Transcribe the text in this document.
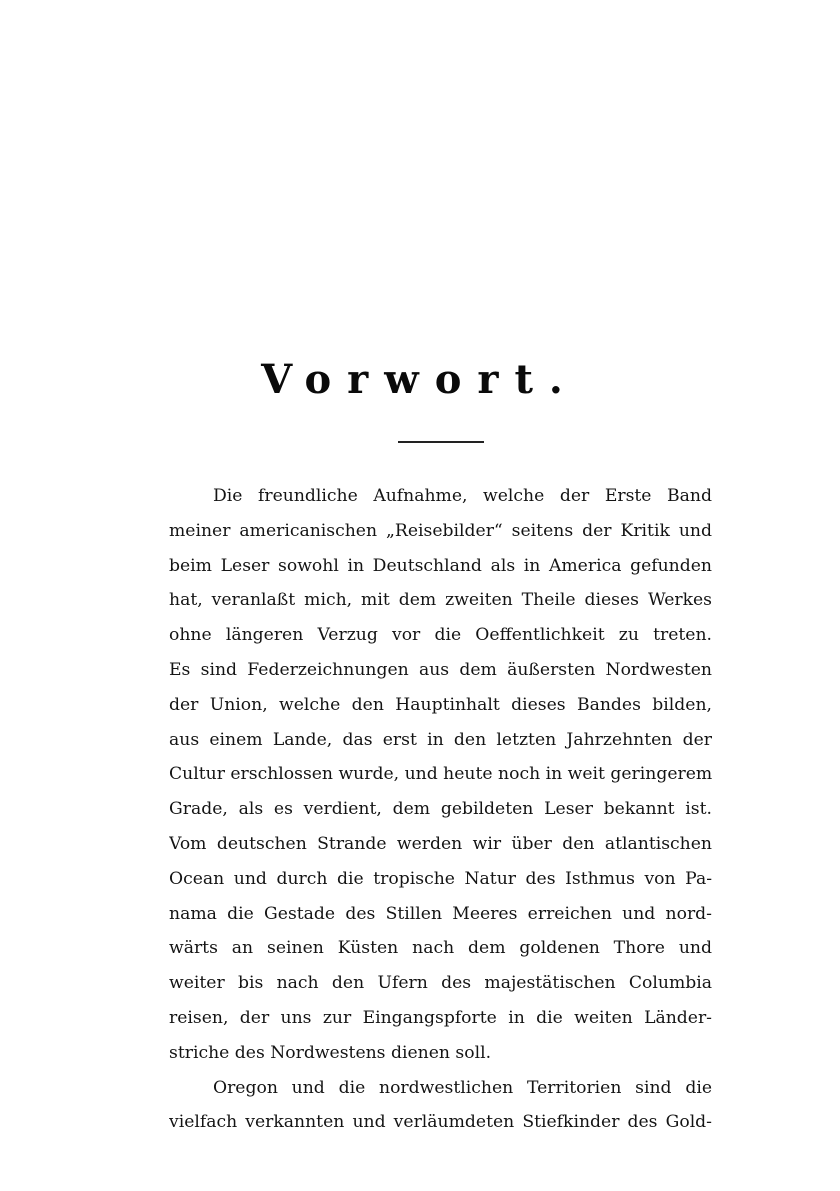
Vorwort.
Die freundliche Aufnahme, welche der Erste Band
meiner americanischen „Reisebilder“ seitens der Kritik und
beim Leser sowohl in Deutschland als in America gefunden
hat, veranlaßt mich, mit dem zweiten Theile dieses Werkes
ohne längeren Verzug vor die Oeffentlichkeit zu treten.
Es sind Federzeichnungen aus dem äußersten Nordwesten
der Union, welche den Hauptinhalt dieses Bandes bilden,
aus einem Lande, das erst in den letzten Jahrzehnten der
Cultur erschlossen wurde, und heute noch in weit geringerem
Grade, als es verdient, dem gebildeten Leser bekannt ist.
Vom deutschen Strande werden wir über den atlantischen
Ocean und durch die tropische Natur des Isthmus von Pa-
nama die Gestade des Stillen Meeres erreichen und nord-
wärts an seinen Küsten nach dem goldenen Thore und
weiter bis nach den Ufern des majestätischen Columbia
reisen, der uns zur Eingangspforte in die weiten Länder-
striche des Nordwestens dienen soll.
Oregon und die nordwestlichen Territorien sind die
vielfach verkannten und verläumdeten Stiefkinder des Gold-
